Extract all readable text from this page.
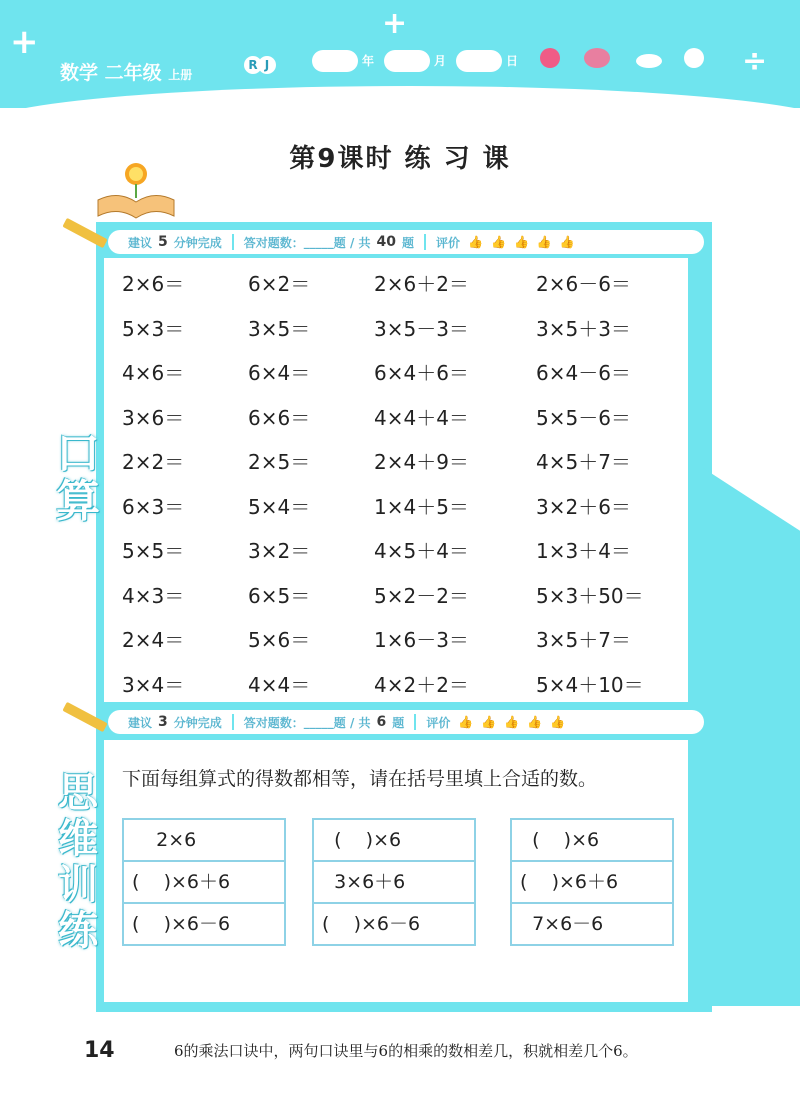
+	+
÷
数学 二年级 上册
R J	年	月	日
第9课时 练 习 课
建议 5 分钟完成 答对题数： _____ 题 / 共 40 题 评价 👍👍👍👍👍
2×6＝	6×2＝	2×6＋2＝	2×6－6＝
5×3＝	3×5＝	3×5－3＝	3×5＋3＝
4×6＝	6×4＝	6×4＋6＝	6×4－6＝
3×6＝	6×6＝	4×4＋4＝	5×5－6＝
2×2＝	2×5＝	2×4＋9＝	4×5＋7＝
6×3＝	5×4＝	1×4＋5＝	3×2＋6＝
5×5＝	3×2＝	4×5＋4＝	1×3＋4＝
4×3＝	6×5＝	5×2－2＝	5×3＋50＝
2×4＝	5×6＝	1×6－3＝	3×5＋7＝
3×4＝	4×4＝	4×2＋2＝	5×4＋10＝
口算
建议 3 分钟完成 答对题数： _____ 题 / 共 6 题 评价 👍👍👍👍👍
下面每组算式的得数都相等，请在括号里填上合适的数。
2×6
(    )×6＋6
(    )×6－6
(    )×6
3×6＋6
(    )×6－6
(    )×6
(    )×6＋6
7×6－6
思维训练
14	6的乘法口诀中，两句口诀里与6的相乘的数相差几，积就相差几个6。
